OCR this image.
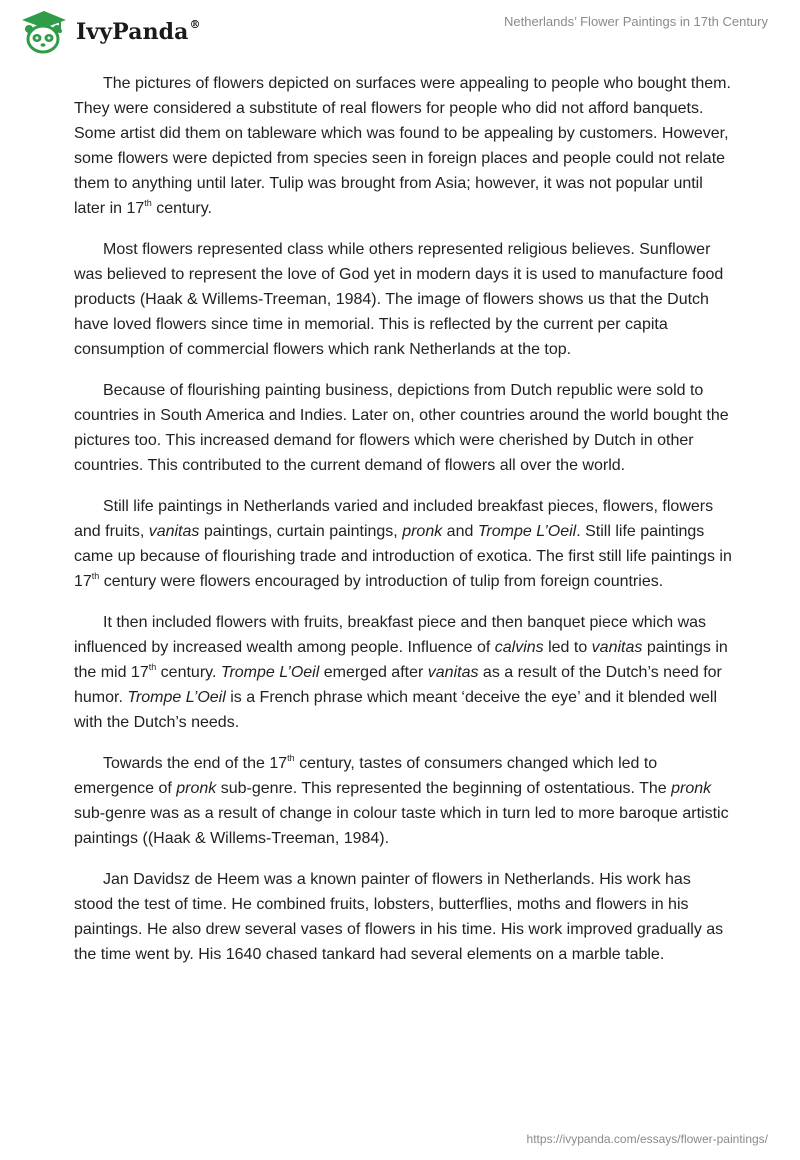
IvyPanda®	Netherlands’ Flower Paintings in 17th Century

The pictures of flowers depicted on surfaces were appealing to people who bought them. They were considered a substitute of real flowers for people who did not afford banquets. Some artist did them on tableware which was found to be appealing by customers. However, some flowers were depicted from species seen in foreign places and people could not relate them to anything until later. Tulip was brought from Asia; however, it was not popular until later in 17th century.

Most flowers represented class while others represented religious believes. Sunflower was believed to represent the love of God yet in modern days it is used to manufacture food products (Haak & Willems-Treeman, 1984). The image of flowers shows us that the Dutch have loved flowers since time in memorial. This is reflected by the current per capita consumption of commercial flowers which rank Netherlands at the top.

Because of flourishing painting business, depictions from Dutch republic were sold to countries in South America and Indies. Later on, other countries around the world bought the pictures too. This increased demand for flowers which were cherished by Dutch in other countries. This contributed to the current demand of flowers all over the world.

Still life paintings in Netherlands varied and included breakfast pieces, flowers, flowers and fruits, vanitas paintings, curtain paintings, pronk and Trompe L’Oeil. Still life paintings came up because of flourishing trade and introduction of exotica. The first still life paintings in 17th century were flowers encouraged by introduction of tulip from foreign countries.

It then included flowers with fruits, breakfast piece and then banquet piece which was influenced by increased wealth among people. Influence of calvins led to vanitas paintings in the mid 17th century. Trompe L’Oeil emerged after vanitas as a result of the Dutch’s need for humor. Trompe L’Oeil is a French phrase which meant ‘deceive the eye’ and it blended well with the Dutch’s needs.

Towards the end of the 17th century, tastes of consumers changed which led to emergence of pronk sub-genre. This represented the beginning of ostentatious. The pronk sub-genre was as a result of change in colour taste which in turn led to more baroque artistic paintings ((Haak & Willems-Treeman, 1984).

Jan Davidsz de Heem was a known painter of flowers in Netherlands. His work has stood the test of time. He combined fruits, lobsters, butterflies, moths and flowers in his paintings. He also drew several vases of flowers in his time. His work improved gradually as the time went by. His 1640 chased tankard had several elements on a marble table.

https://ivypanda.com/essays/flower-paintings/
